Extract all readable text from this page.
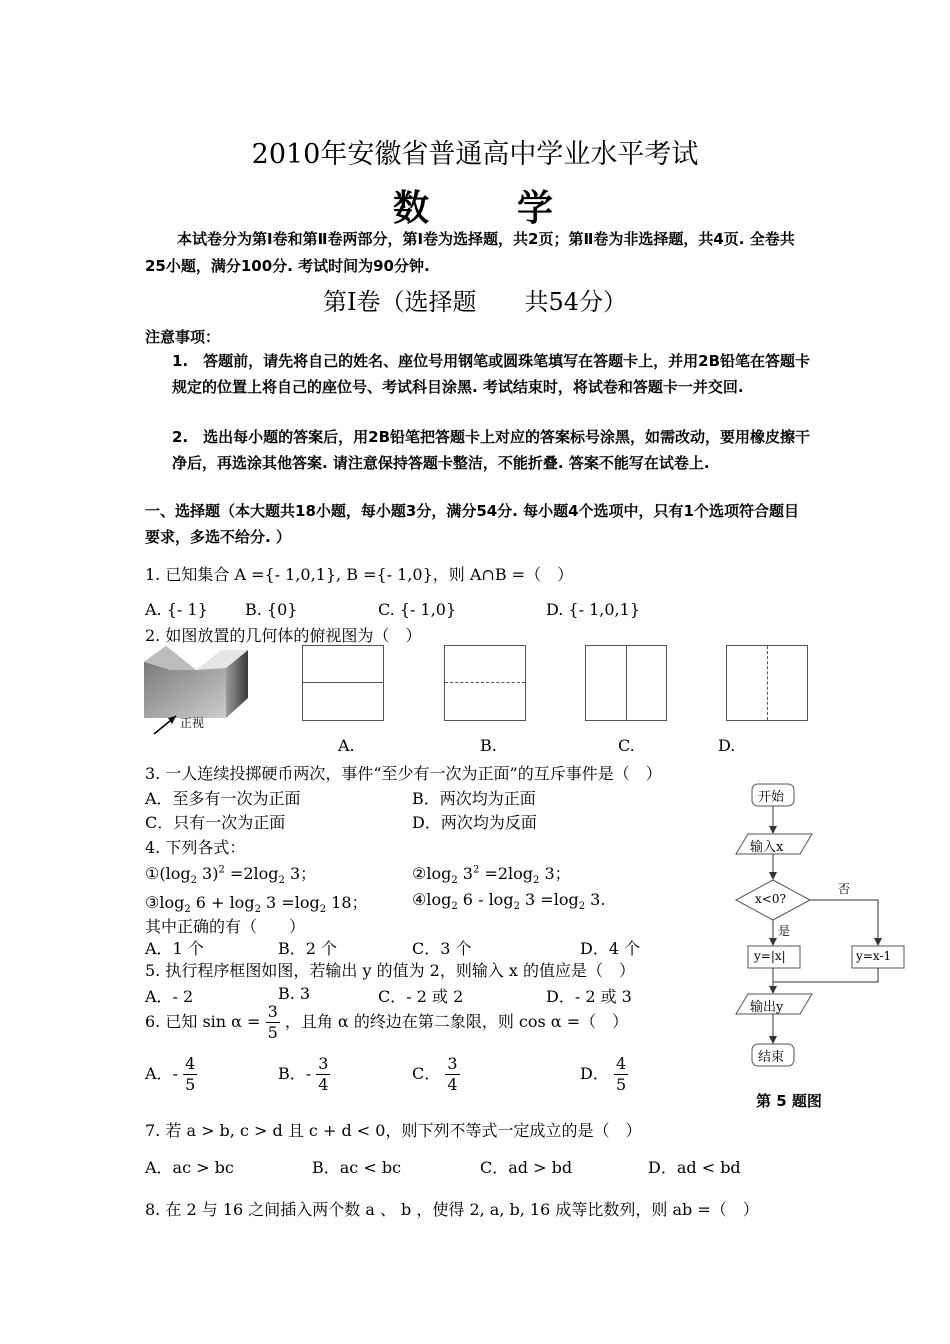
2010年安徽省普通高中学业水平考试
数 学
本试卷分为第Ⅰ卷和第Ⅱ卷两部分，第Ⅰ卷为选择题，共2页；第Ⅱ卷为非选择题，共4页. 全卷共25小题，满分100分. 考试时间为90分钟.
第Ⅰ卷（选择题　　共54分）
注意事项：
1.　答题前，请先将自己的姓名、座位号用钢笔或圆珠笔填写在答题卡上，并用2B铅笔在答题卡规定的位置上将自己的座位号、考试科目涂黑. 考试结束时，将试卷和答题卡一并交回.
2.　选出每小题的答案后，用2B铅笔把答题卡上对应的答案标号涂黑，如需改动，要用橡皮擦干净后，再选涂其他答案. 请注意保持答题卡整洁，不能折叠. 答案不能写在试卷上.
一、选择题（本大题共18小题，每小题3分，满分54分. 每小题4个选项中，只有1个选项符合题目要求，多选不给分. ）
1. 已知集合 A ={- 1,0,1}, B ={- 1,0}，则 A∩B =（　）
A. {- 1} B. {0}	C. {- 1,0}	D. {- 1,0,1}
2. 如图放置的几何体的俯视图为（　）
正视
A.	B.	C.	D.
3. 一人连续投掷硬币两次，事件“至少有一次为正面”的互斥事件是（　）
A．至多有一次为正面	B．两次均为正面
C．只有一次为正面	D．两次均为反面
4. 下列各式：
$①(\log_2$ $3)^2 =2\log_2$ 3；	$②\log_2$ $3^2 =2\log_2$ 3；
$③\log_2$ $6 + \log_2 3 =\log_2$ 18；	$④\log_2$ $6 - \log_2 3 =\log_2$ 3.
其中正确的有（　　）
A．1 个	B．2 个	C．3 个	D．4 个
5. 执行程序框图如图，若输出 y 的值为 2，则输入 x 的值应是（　）
A．- 2	B. 3	C．- 2 或 2	D．- 2 或 3
开始
输入x
x<0?
否
是
y=|x|	y=x-1
输出y
结束
第 5 题图
6. 已知 $\sin \alpha = \frac{3}{5}$ ，且角 α 的终边在第二象限，则 cos α =（　）
A．- $\frac{4}{5}$	B．- $\frac{3}{4}$	C． $\frac{3}{4}$	D． $\frac{4}{5}$
7. 若 a > b, c > d 且 c + d < 0，则下列不等式一定成立的是（　）
A．ac > bc	B．ac < bc	C．ad > bd	D．ad < bd
8. 在 2 与 16 之间插入两个数 a 、 b ，使得 2, a, b, 16 成等比数列，则 ab =（　）
